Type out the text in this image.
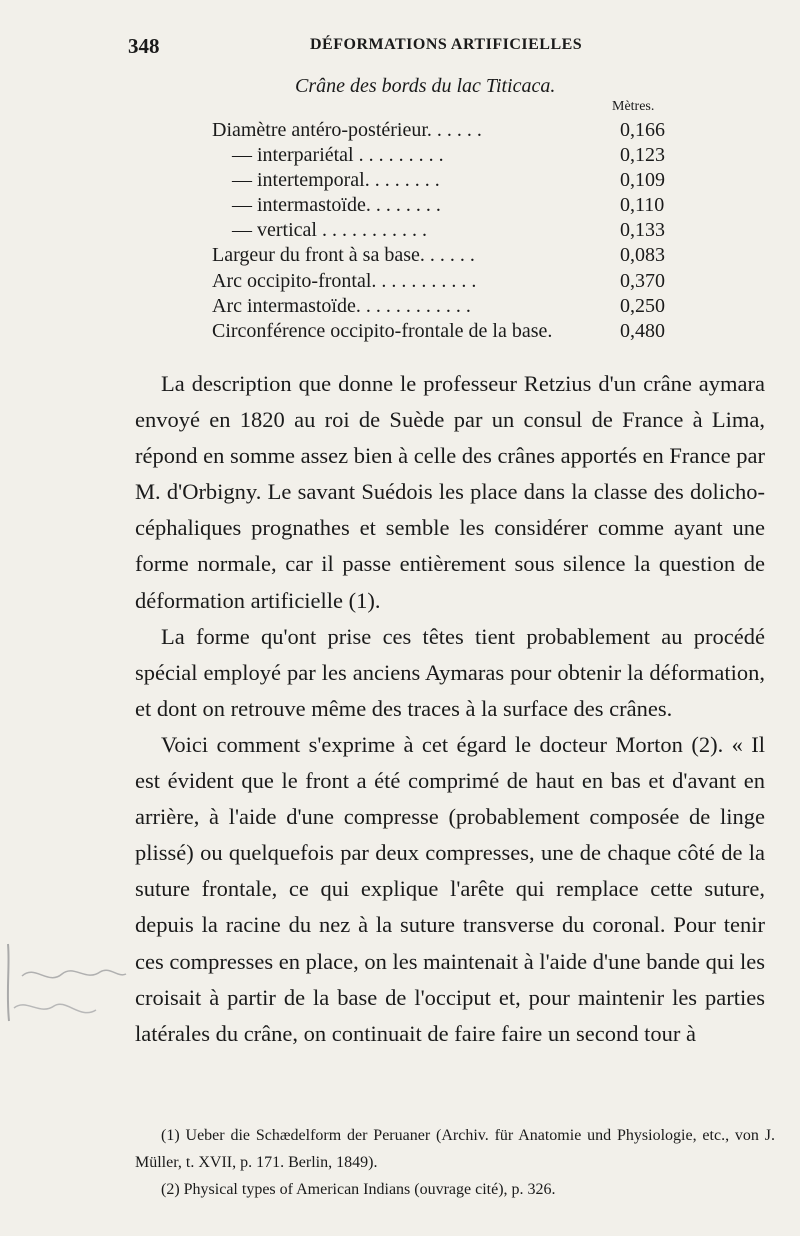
348	DÉFORMATIONS ARTIFICIELLES
Crâne des bords du lac Titicaca.
Mètres.
Diamètre antéro-postérieur. . . . . .	0,166
— interpariétal . . . . . . . . .	0,123
— intertemporal. . . . . . . .	0,109
— intermastoïde. . . . . . . .	0,110
— vertical . . . . . . . . . . .	0,133
Largeur du front à sa base. . . . . .	0,083
Arc occipito-frontal. . . . . . . . . . .	0,370
Arc intermastoïde. . . . . . . . . . . .	0,250
Circonférence occipito-frontale de la base.	0,480

La description que donne le professeur Retzius d'un crâne aymara envoyé en 1820 au roi de Suède par un consul de France à Lima, répond en somme assez bien à celle des crânes apportés en France par M. d'Orbigny. Le savant Suédois les place dans la classe des dolicho-céphaliques prognathes et semble les considérer comme ayant une forme normale, car il passe entièrement sous silence la question de déformation artificielle (1).

La forme qu'ont prise ces têtes tient probablement au procédé spécial employé par les anciens Aymaras pour obtenir la déformation, et dont on retrouve même des traces à la surface des crânes.

Voici comment s'exprime à cet égard le docteur Morton (2). « Il est évident que le front a été comprimé de haut en bas et d'avant en arrière, à l'aide d'une compresse (probablement composée de linge plissé) ou quelquefois par deux compresses, une de chaque côté de la suture frontale, ce qui explique l'arête qui remplace cette suture, depuis la racine du nez à la suture transverse du coronal. Pour tenir ces compresses en place, on les maintenait à l'aide d'une bande qui les croisait à partir de la base de l'occiput et, pour maintenir les parties latérales du crâne, on continuait de faire faire un second tour à

(1) Ueber die Schædelform der Peruaner (Archiv. für Anatomie und Physiologie, etc., von J. Müller, t. XVII, p. 171. Berlin, 1849).

(2) Physical types of American Indians (ouvrage cité), p. 326.
